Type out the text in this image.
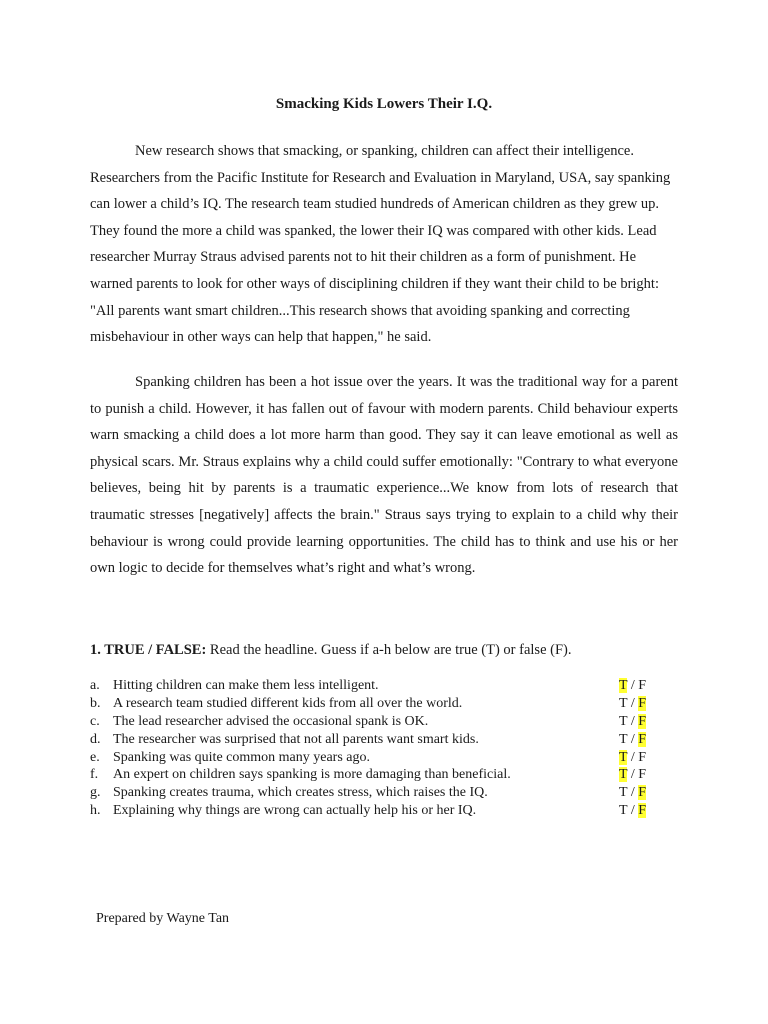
Smacking Kids Lowers Their I.Q.

New research shows that smacking, or spanking, children can affect their intelligence. Researchers from the Pacific Institute for Research and Evaluation in Maryland, USA, say spanking can lower a child’s IQ. The research team studied hundreds of American children as they grew up. They found the more a child was spanked, the lower their IQ was compared with other kids. Lead researcher Murray Straus advised parents not to hit their children as a form of punishment. He warned parents to look for other ways of disciplining children if they want their child to be bright: "All parents want smart children...This research shows that avoiding spanking and correcting misbehaviour in other ways can help that happen," he said.

Spanking children has been a hot issue over the years. It was the traditional way for a parent to punish a child. However, it has fallen out of favour with modern parents. Child behaviour experts warn smacking a child does a lot more harm than good. They say it can leave emotional as well as physical scars. Mr. Straus explains why a child could suffer emotionally: "Contrary to what everyone believes, being hit by parents is a traumatic experience...We know from lots of research that traumatic stresses [negatively] affects the brain." Straus says trying to explain to a child why their behaviour is wrong could provide learning opportunities. The child has to think and use his or her own logic to decide for themselves what’s right and what’s wrong.

1. TRUE / FALSE: Read the headline. Guess if a-h below are true (T) or false (F).
a. Hitting children can make them less intelligent.	T / F
b. A research team studied different kids from all over the world.	T / F
c. The lead researcher advised the occasional spank is OK.	T / F
d. The researcher was surprised that not all parents want smart kids.	T / F
e. Spanking was quite common many years ago.	T / F
f. An expert on children says spanking is more damaging than beneficial.	T / F
g. Spanking creates trauma, which creates stress, which raises the IQ.	T / F
h. Explaining why things are wrong can actually help his or her IQ.	T / F
Prepared by Wayne Tan
